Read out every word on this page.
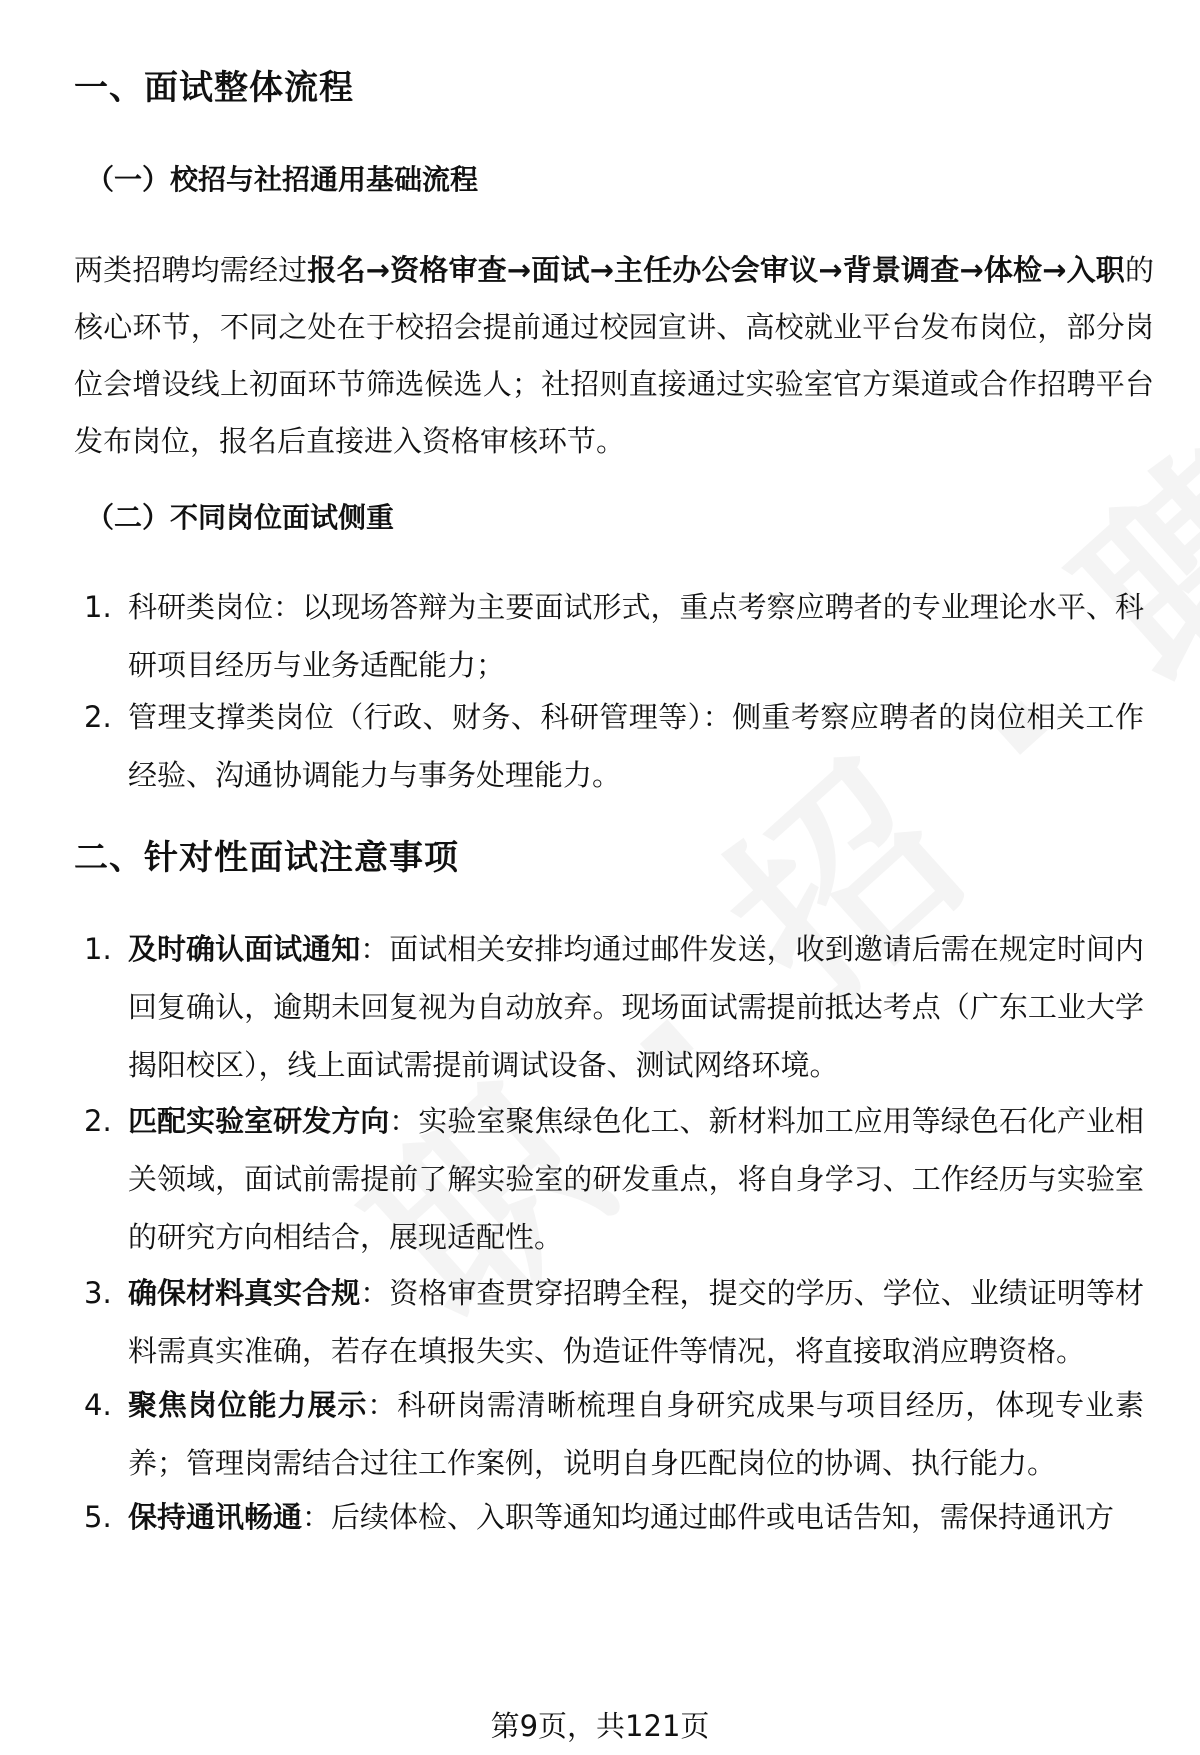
一、面试整体流程
（一）校招与社招通用基础流程

两类招聘均需经过报名→资格审查→面试→主任办公会审议→背景调查→体检→入职的核心环节，不同之处在于校招会提前通过校园宣讲、高校就业平台发布岗位，部分岗位会增设线上初面环节筛选候选人；社招则直接通过实验室官方渠道或合作招聘平台发布岗位，报名后直接进入资格审核环节。

（二）不同岗位面试侧重
1. 科研类岗位：以现场答辩为主要面试形式，重点考察应聘者的专业理论水平、科研项目经历与业务适配能力；
2. 管理支撑类岗位（行政、财务、科研管理等）：侧重考察应聘者的岗位相关工作经验、沟通协调能力与事务处理能力。
二、针对性面试注意事项
1. 及时确认面试通知：面试相关安排均通过邮件发送，收到邀请后需在规定时间内回复确认，逾期未回复视为自动放弃。现场面试需提前抵达考点（广东工业大学揭阳校区），线上面试需提前调试设备、测试网络环境。
2. 匹配实验室研发方向：实验室聚焦绿色化工、新材料加工应用等绿色石化产业相关领域，面试前需提前了解实验室的研发重点，将自身学习、工作经历与实验室的研究方向相结合，展现适配性。
3. 确保材料真实合规：资格审查贯穿招聘全程，提交的学历、学位、业绩证明等材料需真实准确，若存在填报失实、伪造证件等情况，将直接取消应聘资格。
4. 聚焦岗位能力展示：科研岗需清晰梳理自身研究成果与项目经历，体现专业素养；管理岗需结合过往工作案例，说明自身匹配岗位的协调、执行能力。
5. 保持通讯畅通：后续体检、入职等通知均通过邮件或电话告知，需保持通讯方
第9页，共121页
